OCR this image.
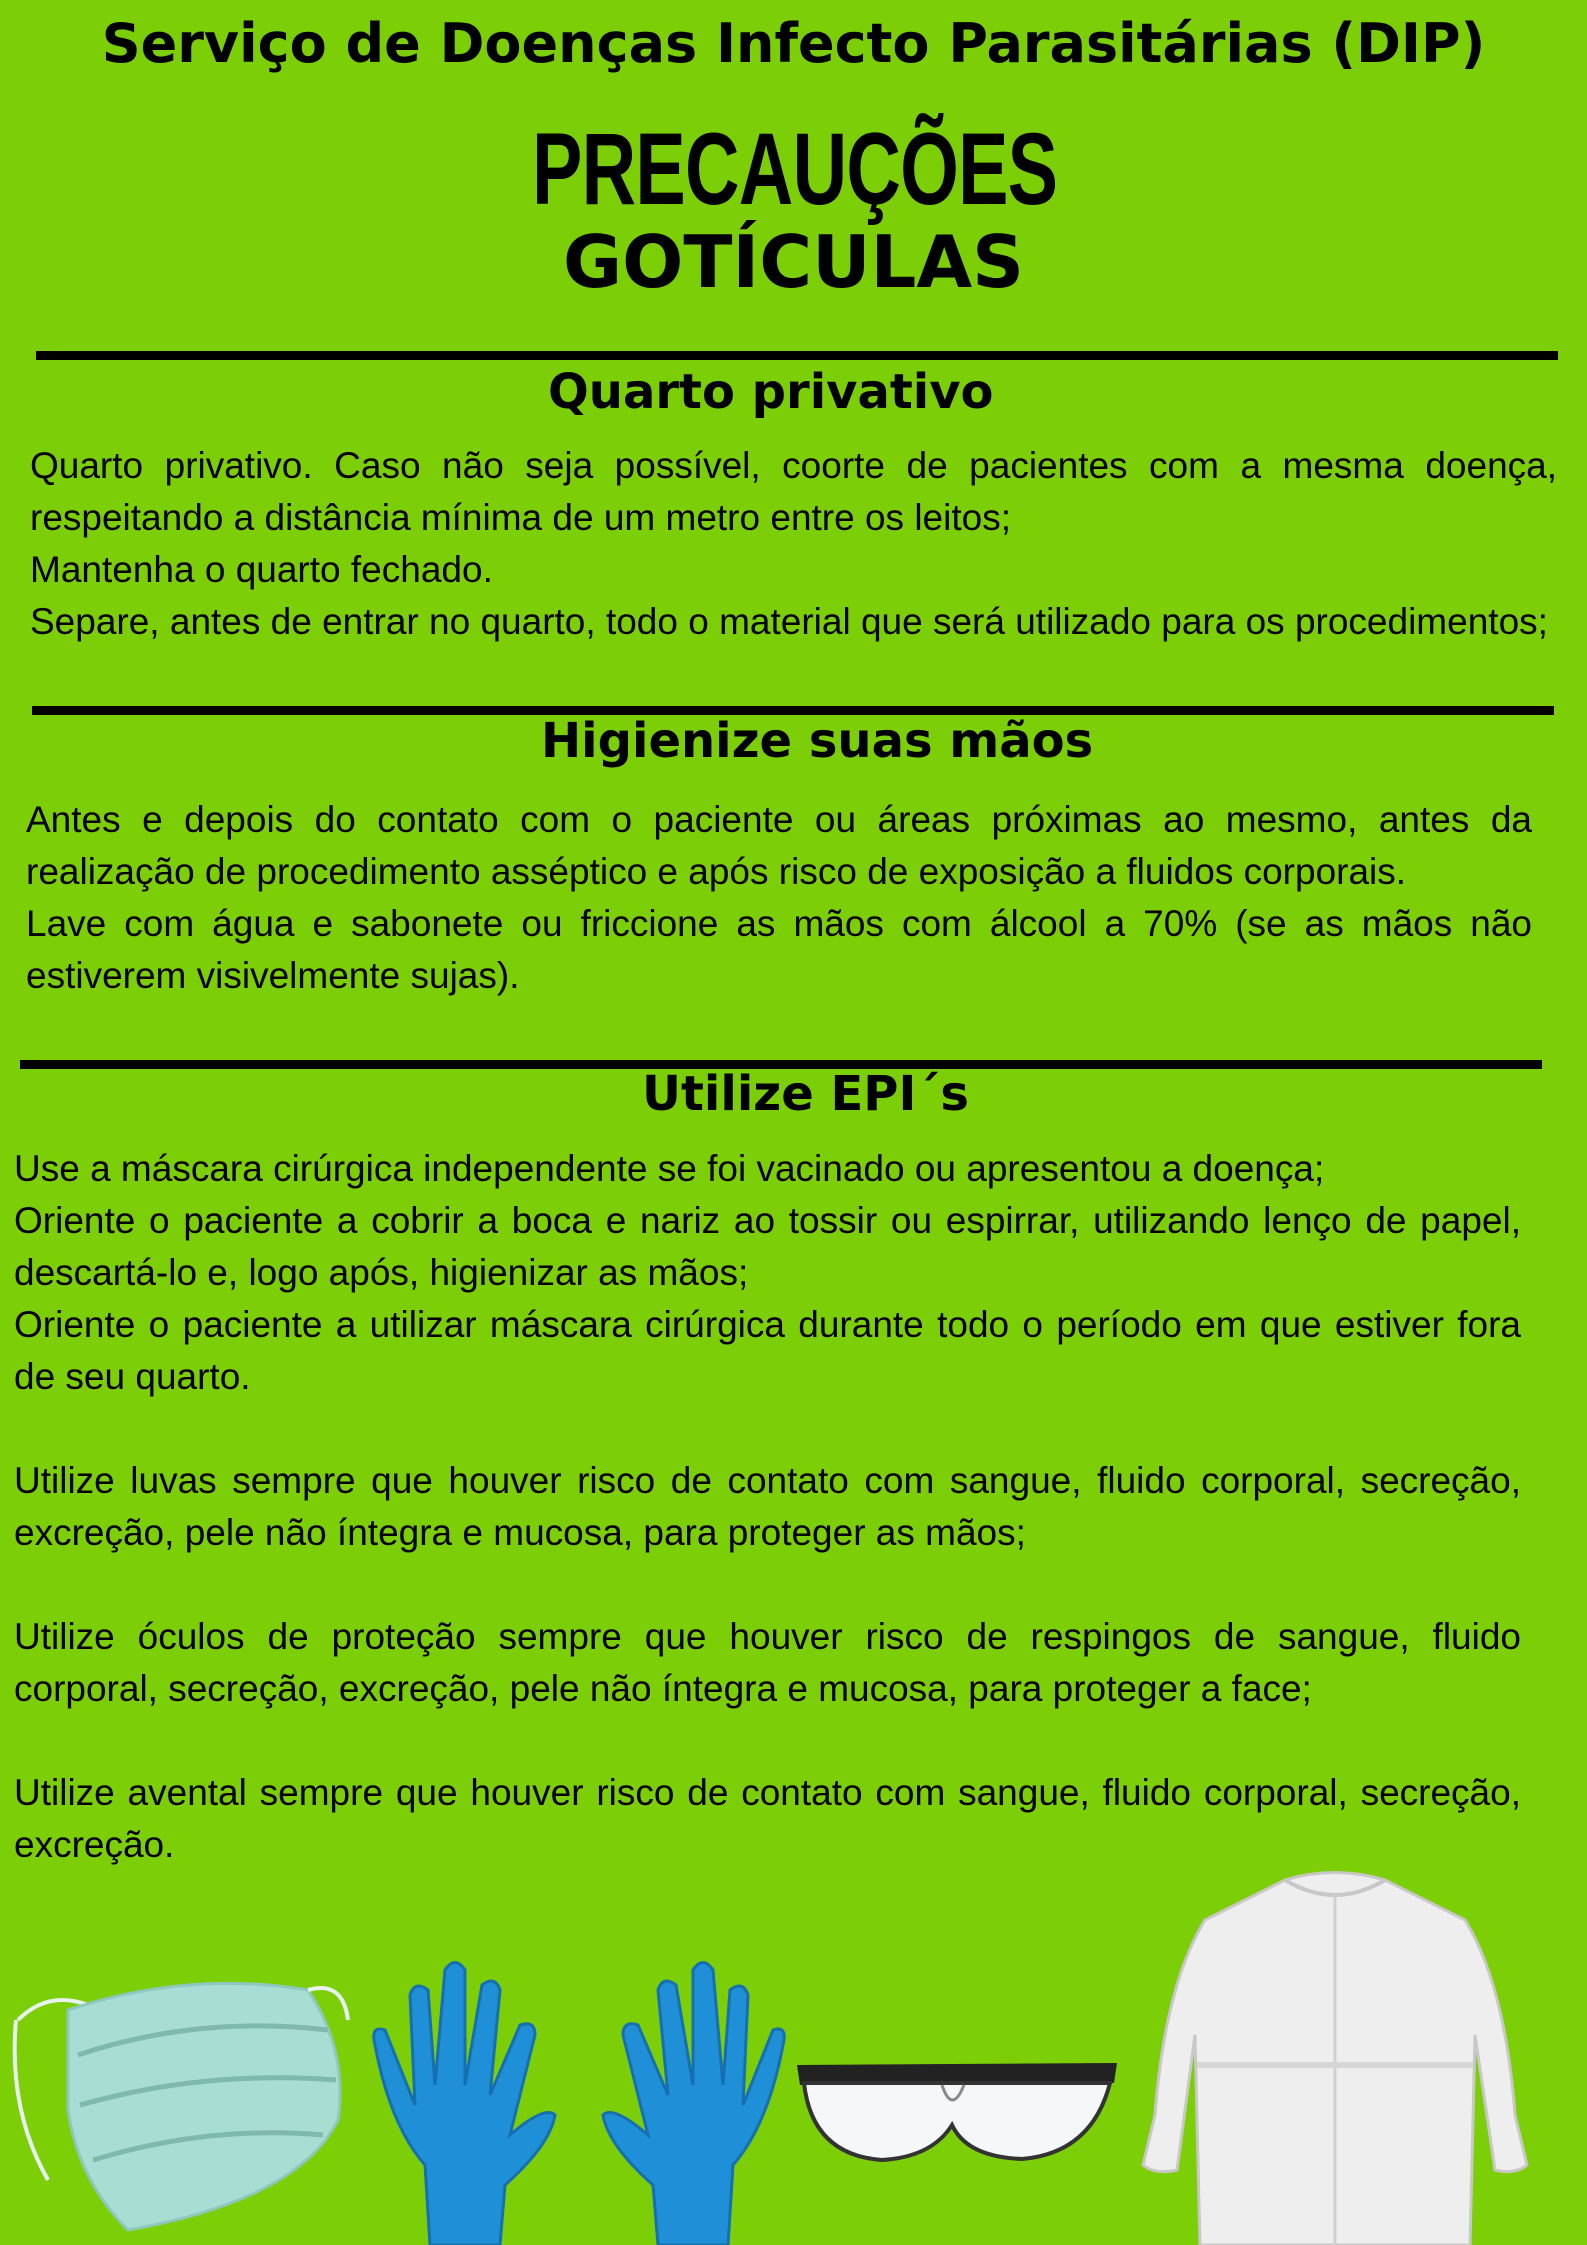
Serviço de Doenças Infecto Parasitárias (DIP)
PRECAUÇÕES
GOTÍCULAS
Quarto privativo

Quarto privativo. Caso não seja possível, coorte de pacientes com a mesma doença, respeitando a distância mínima de um metro entre os leitos;

Mantenha o quarto fechado.

Separe, antes de entrar no quarto, todo o material que será utilizado para os procedimentos;

Higienize suas mãos

Antes e depois do contato com o paciente ou áreas próximas ao mesmo, antes da realização de procedimento asséptico e após risco de exposição a fluidos corporais.

Lave com água e sabonete ou friccione as mãos com álcool a 70% (se as mãos não estiverem visivelmente sujas).

Utilize EPI´s

Use a máscara cirúrgica independente se foi vacinado ou apresentou a doença;

Oriente o paciente a cobrir a boca e nariz ao tossir ou espirrar, utilizando lenço de papel, descartá-lo e, logo após, higienizar as mãos;

Oriente o paciente a utilizar máscara cirúrgica durante todo o período em que estiver fora de seu quarto.

Utilize luvas sempre que houver risco de contato com sangue, fluido corporal, secreção, excreção, pele não íntegra e mucosa, para proteger as mãos;

Utilize óculos de proteção sempre que houver risco de respingos de sangue, fluido corporal, secreção, excreção, pele não íntegra e mucosa, para proteger a face;

Utilize avental sempre que houver risco de contato com sangue, fluido corporal, secreção, excreção.
